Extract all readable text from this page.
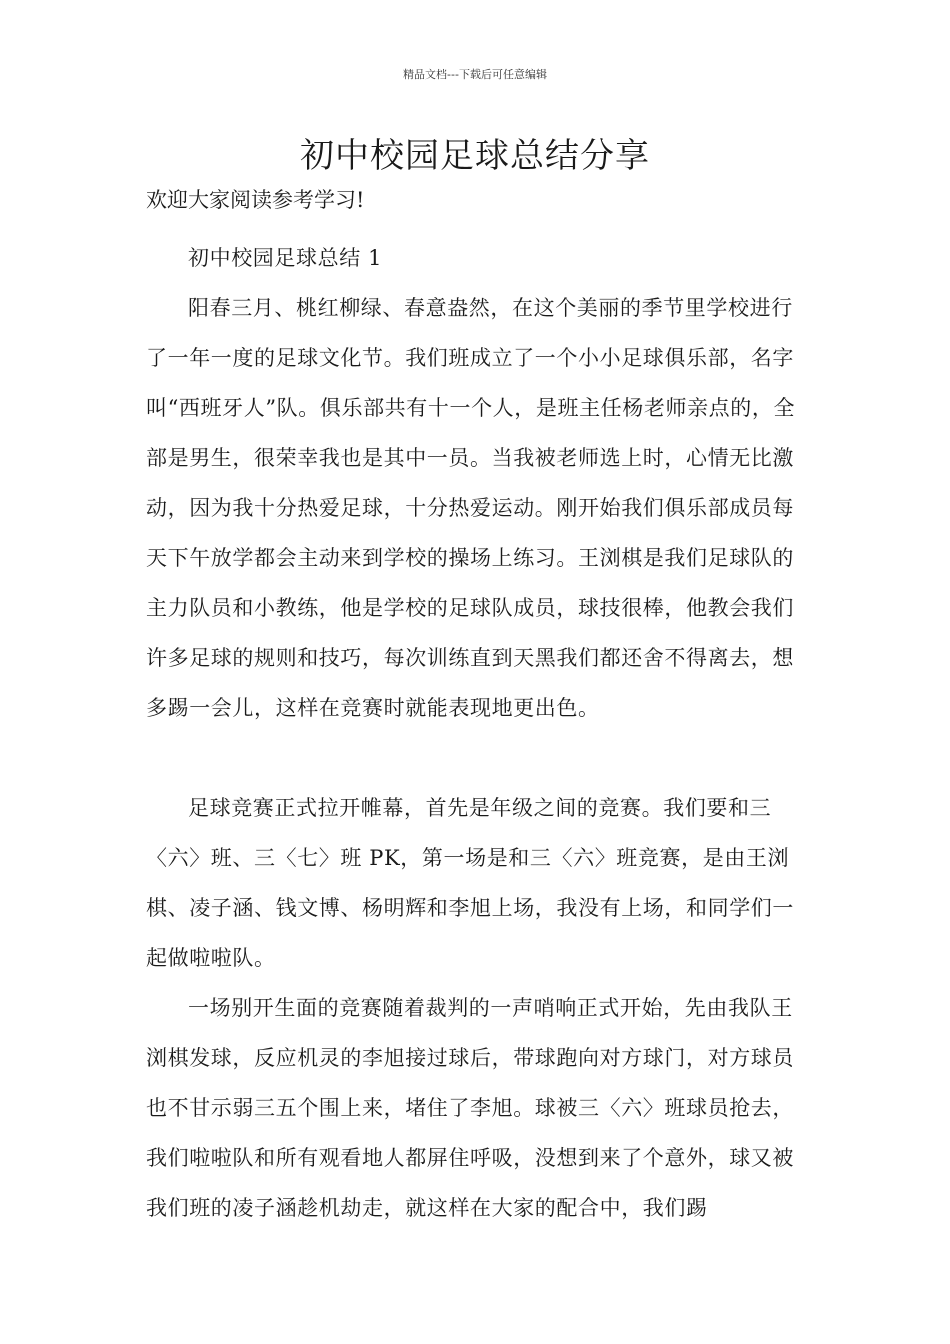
精品文档---下载后可任意编辑
初中校园足球总结分享
欢迎大家阅读参考学习!

初中校园足球总结 1

阳春三月、桃红柳绿、春意盎然，在这个美丽的季节里学校进行了一年一度的足球文化节。我们班成立了一个小小足球俱乐部，名字叫“西班牙人”队。俱乐部共有十一个人，是班主任杨老师亲点的，全部是男生，很荣幸我也是其中一员。当我被老师选上时，心情无比激动，因为我十分热爱足球，十分热爱运动。刚开始我们俱乐部成员每天下午放学都会主动来到学校的操场上练习。王浏棋是我们足球队的主力队员和小教练，他是学校的足球队成员，球技很棒，他教会我们许多足球的规则和技巧，每次训练直到天黑我们都还舍不得离去，想多踢一会儿，这样在竞赛时就能表现地更出色。

足球竞赛正式拉开帷幕，首先是年级之间的竞赛。我们要和三〈六〉班、三〈七〉班 PK，第一场是和三〈六〉班竞赛，是由王浏棋、凌子涵、钱文博、杨明辉和李旭上场，我没有上场，和同学们一起做啦啦队。

一场别开生面的竞赛随着裁判的一声哨响正式开始，先由我队王浏棋发球，反应机灵的李旭接过球后，带球跑向对方球门，对方球员也不甘示弱三五个围上来，堵住了李旭。球被三〈六〉班球员抢去，我们啦啦队和所有观看地人都屏住呼吸，没想到来了个意外，球又被我们班的凌子涵趁机劫走，就这样在大家的配合中，我们踢
